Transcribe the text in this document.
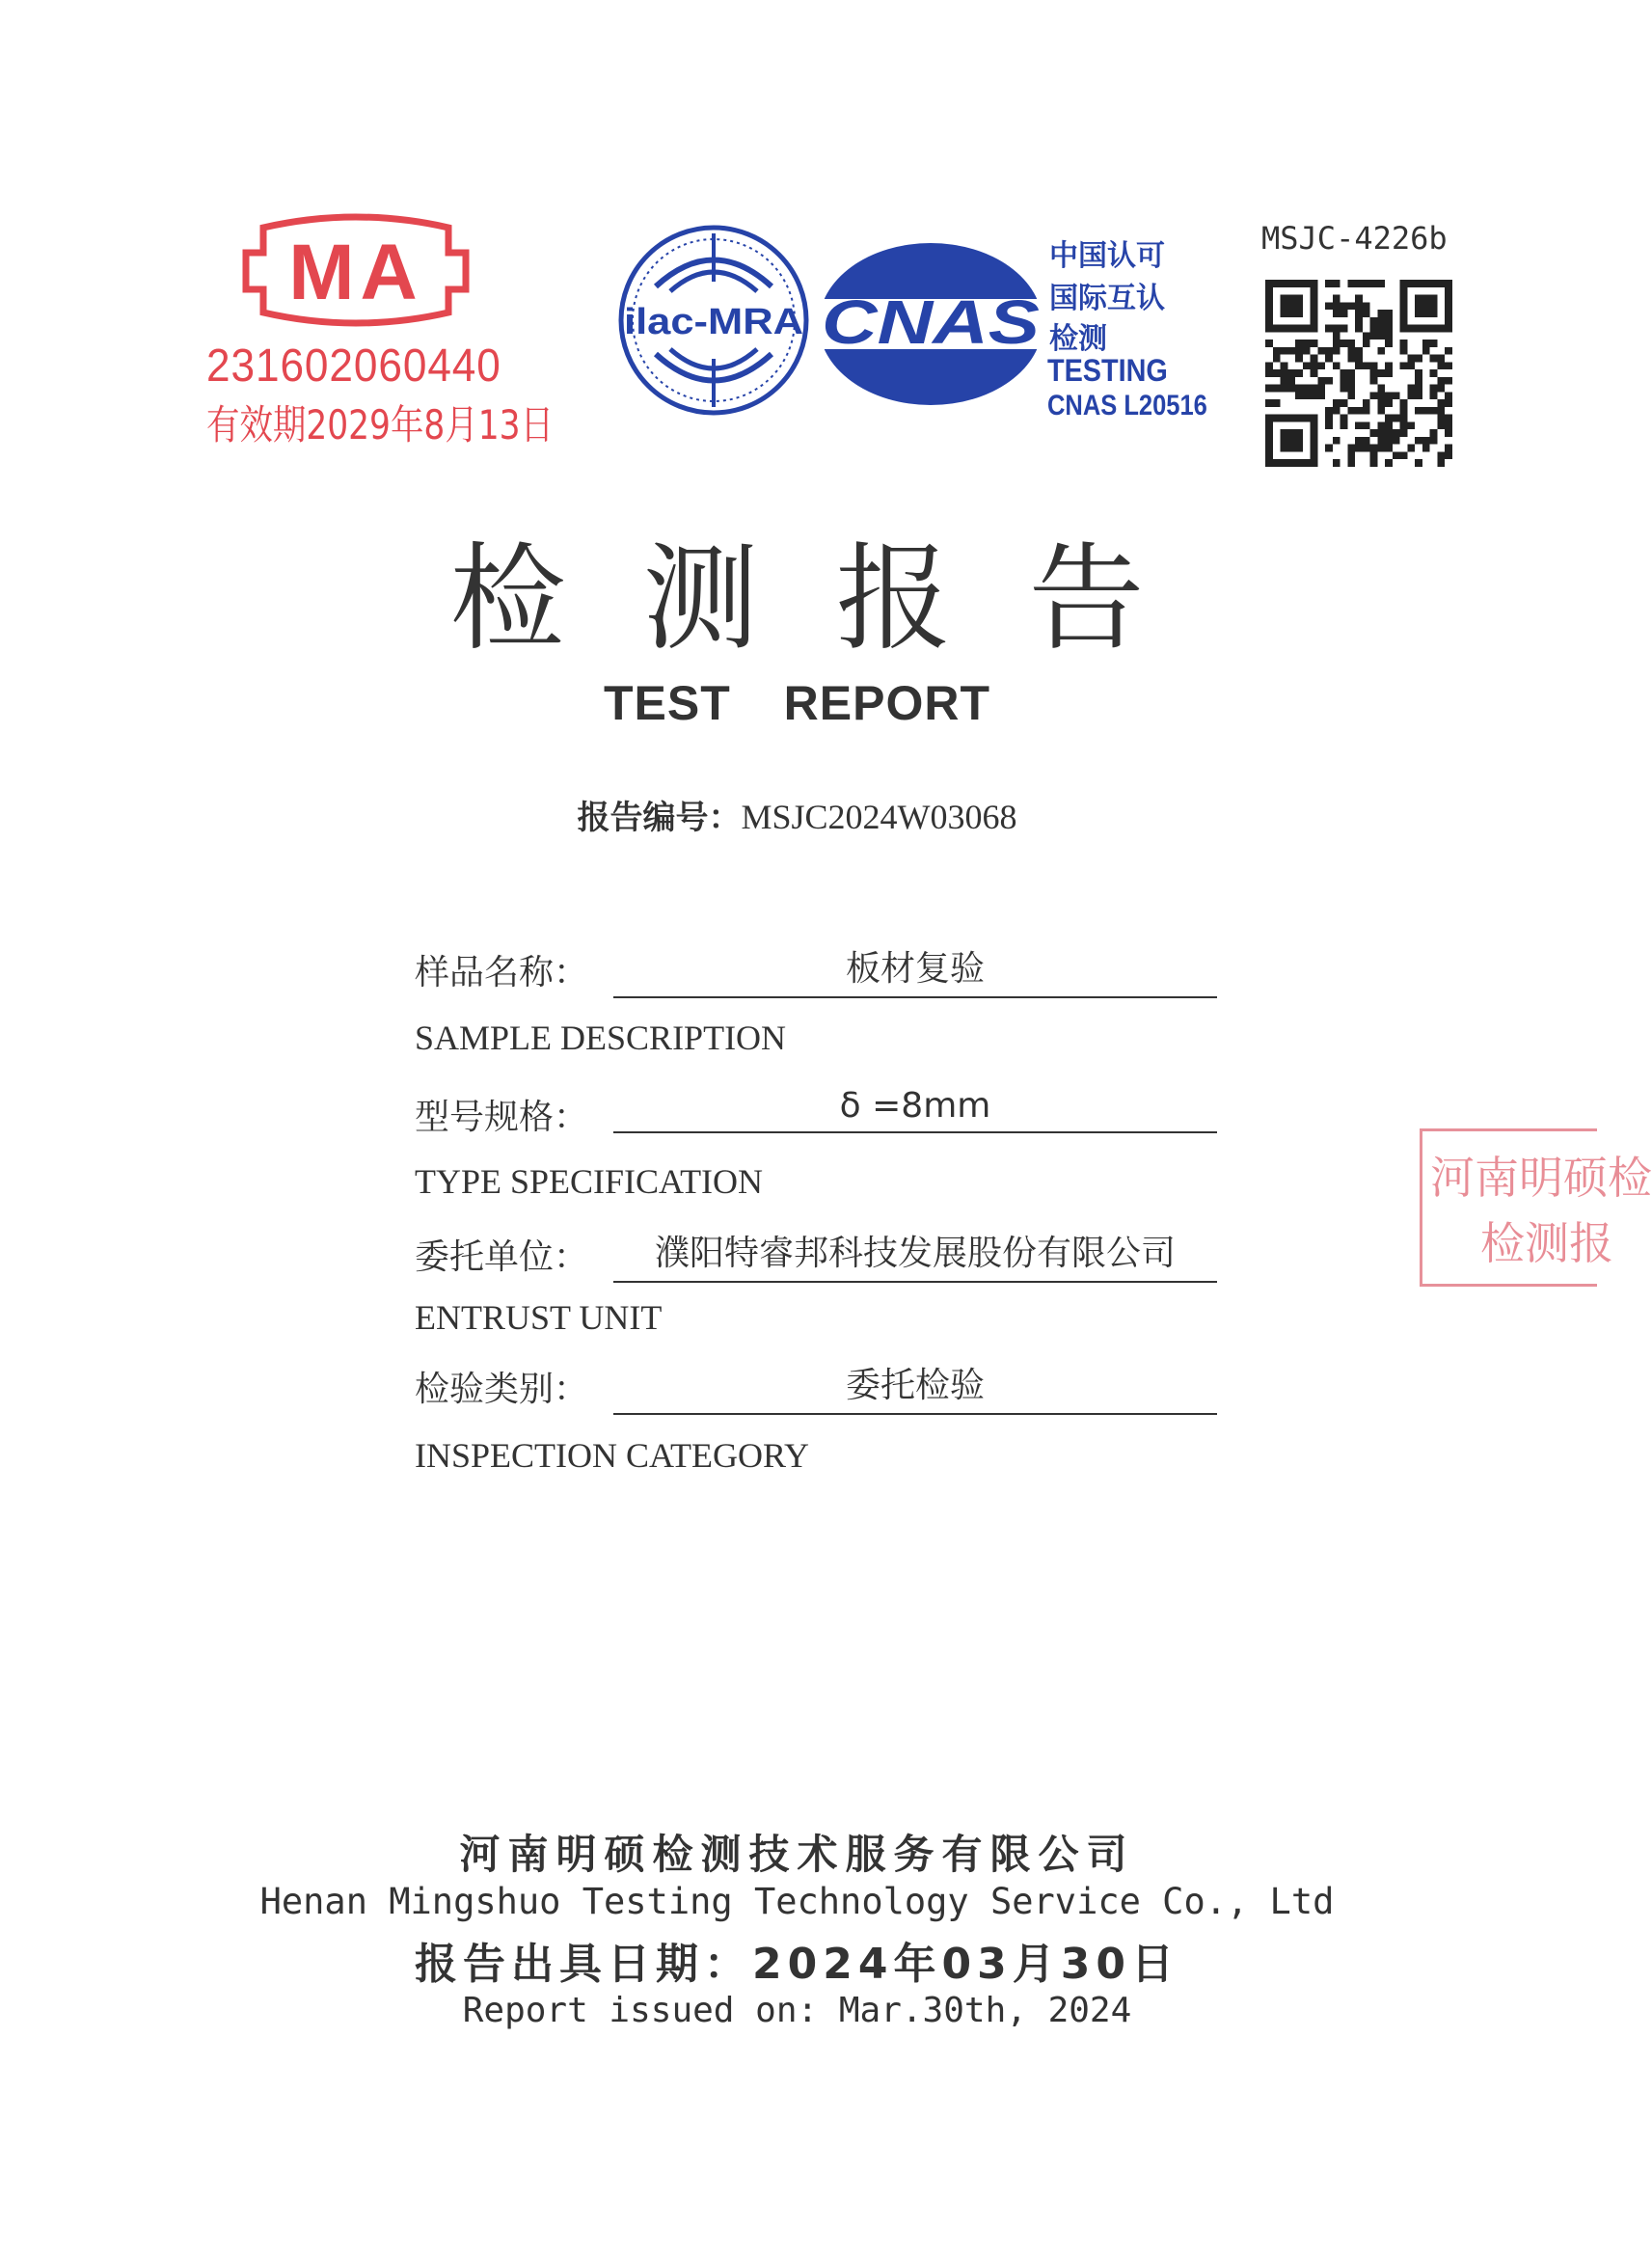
MA
231602060440
有效期2029年8月13日
ilac-MRA CNAS
中国认可
国际互认
检测
TESTING
CNAS L20516
MSJC-4226b
检测报告
TEST REPORT
报告编号：MSJC2024W03068
样品名称：	板材复验
SAMPLE DESCRIPTION
型号规格：	δ =8mm
TYPE SPECIFICATION
委托单位：	濮阳特睿邦科技发展股份有限公司
ENTRUST UNIT
检验类别：	委托检验
INSPECTION CATEGORY
河南明硕检
检测报
河南明硕检测技术服务有限公司
Henan Mingshuo Testing Technology Service Co., Ltd
报告出具日期：2024年03月30日
Report issued on: Mar.30th, 2024
